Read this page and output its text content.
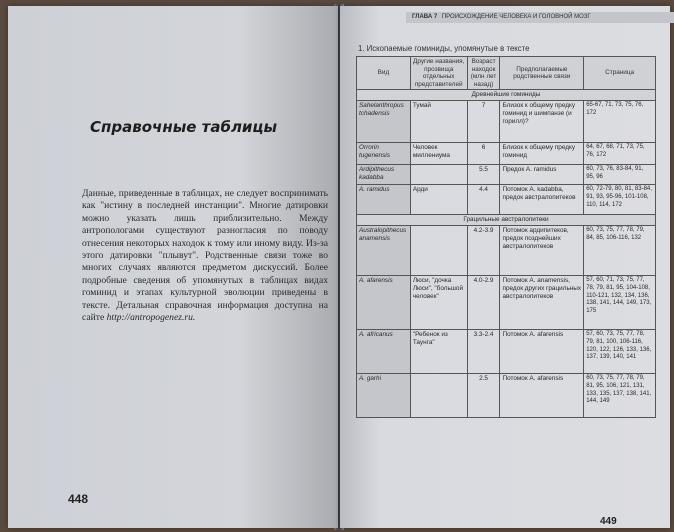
Справочные таблицы

Данные, приведенные в таблицах, не следует воспринимать как "истину в последней инстанции". Многие датировки можно указать лишь приблизительно. Между антропологами существуют разногласия по поводу отнесения некоторых находок к тому или иному виду. Из-за этого датировки "плывут". Родственные связи тоже во многих случаях являются предметом дискуссий. Более подробные сведения об упомянутых в таблицах видах гоминид и этапах культурной эволюции приведены в тексте. Детальная справочная информация доступна на сайте http://antropogenez.ru.

448
ГЛАВА 7 ПРОИСХОЖДЕНИЕ ЧЕЛОВЕКА И ГОЛОВНОЙ МОЗГ
1. Ископаемые гоминиды, упомянутые в тексте
Вид	Другие названия, прозвища отдельных представителей	Возраст находок (млн лет назад)	Предполагаемые родственные связи	Страница
Древнейшие гоминиды				
Sahelanthropus tchadensis	Тумай	7	Близок к общему предку гоминид и шимпанзе (и горилл)?	65-67, 71, 73, 75, 76, 172
Orrorin tugenensis	Человек миллениума	6	Близок к общему предку гоминид	64, 67, 68, 71, 73, 75, 76, 172
Ardipithecus kadabba		5.5	Предок A. ramidus	60, 73, 76, 83-84, 91, 95, 96
A. ramidus	Арди	4.4	Потомок A. kadabba, предок австралопитеков	60, 72-79, 80, 81, 83-84, 91, 93, 95-96, 101-108, 110, 114, 172
Грацильные австралопитеки				
Australopithecus anamensis		4.2-3.9	Потомок ардипитеков, предок позднейших австралопитеков	60, 73, 75, 77, 78, 79, 84, 85, 106-116, 132
A. afarensis	Люси, "дочка Люси", "большой человек"	4.0-2.9	Потомок A. anamensis, предок других грацильных австралопитеков	57, 60, 71, 73, 75, 77, 78, 79, 81, 95, 104-108, 110-121, 132, 134, 136, 138, 141, 144, 149, 173, 175
A. africanus	"Ребенок из Таунга"	3.3-2.4	Потомок A. afarensis	57, 60, 73, 75, 77, 78, 79, 81, 100, 106-116, 120, 122, 126, 133, 136, 137, 139, 140, 141
A. garhi		2.5	Потомок A. afarensis	60, 73, 75, 77, 78, 79, 81, 95, 106, 121, 131, 133, 135, 137, 138, 141, 144, 149
449
